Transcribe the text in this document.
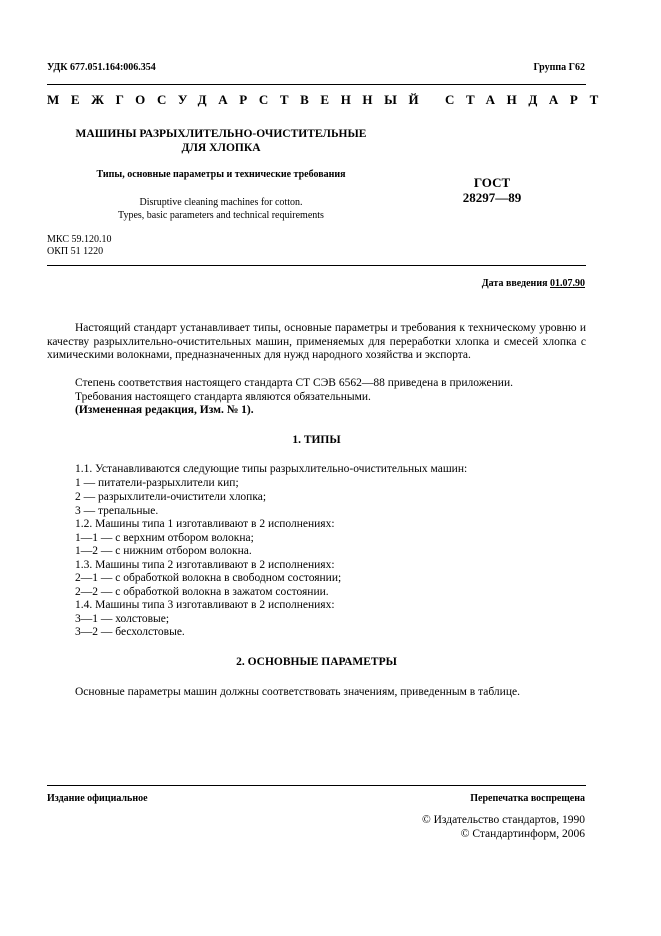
УДК 677.051.164:006.354	Группа Г62
МЕЖГОСУДАРСТВЕННЫЙ СТАНДАРТ
МАШИНЫ РАЗРЫХЛИТЕЛЬНО-ОЧИСТИТЕЛЬНЫЕ
ДЛЯ ХЛОПКА
Типы, основные параметры и технические требования
Disruptive cleaning machines for cotton.
Types, basic parameters and technical requirements
ГОСТ
28297—89
МКС 59.120.10
ОКП 51 1220
Дата введения 01.07.90

Настоящий стандарт устанавливает типы, основные параметры и требования к техническому уровню и качеству разрыхлительно-очистительных машин, применяемых для переработки хлопка и смесей хлопка с химическими волокнами, предназначенных для нужд народного хозяйства и экспорта.

Степень соответствия настоящего стандарта СТ СЭВ 6562—88 приведена в приложении.
Требования настоящего стандарта являются обязательными.
(Измененная редакция, Изм. № 1).
1. ТИПЫ
1.1. Устанавливаются следующие типы разрыхлительно-очистительных машин:
1 — питатели-разрыхлители кип;
2 — разрыхлители-очистители хлопка;
3 — трепальные.
1.2. Машины типа 1 изготавливают в 2 исполнениях:
1—1 — с верхним отбором волокна;
1—2 — с нижним отбором волокна.
1.3. Машины типа 2 изготавливают в 2 исполнениях:
2—1 — с обработкой волокна в свободном состоянии;
2—2 — с обработкой волокна в зажатом состоянии.
1.4. Машины типа 3 изготавливают в 2 исполнениях:
3—1 — холстовые;
3—2 — бесхолстовые.
2. ОСНОВНЫЕ ПАРАМЕТРЫ
Основные параметры машин должны соответствовать значениям, приведенным в таблице.
Издание официальное	Перепечатка воспрещена
© Издательство стандартов, 1990
© Стандартинформ, 2006
